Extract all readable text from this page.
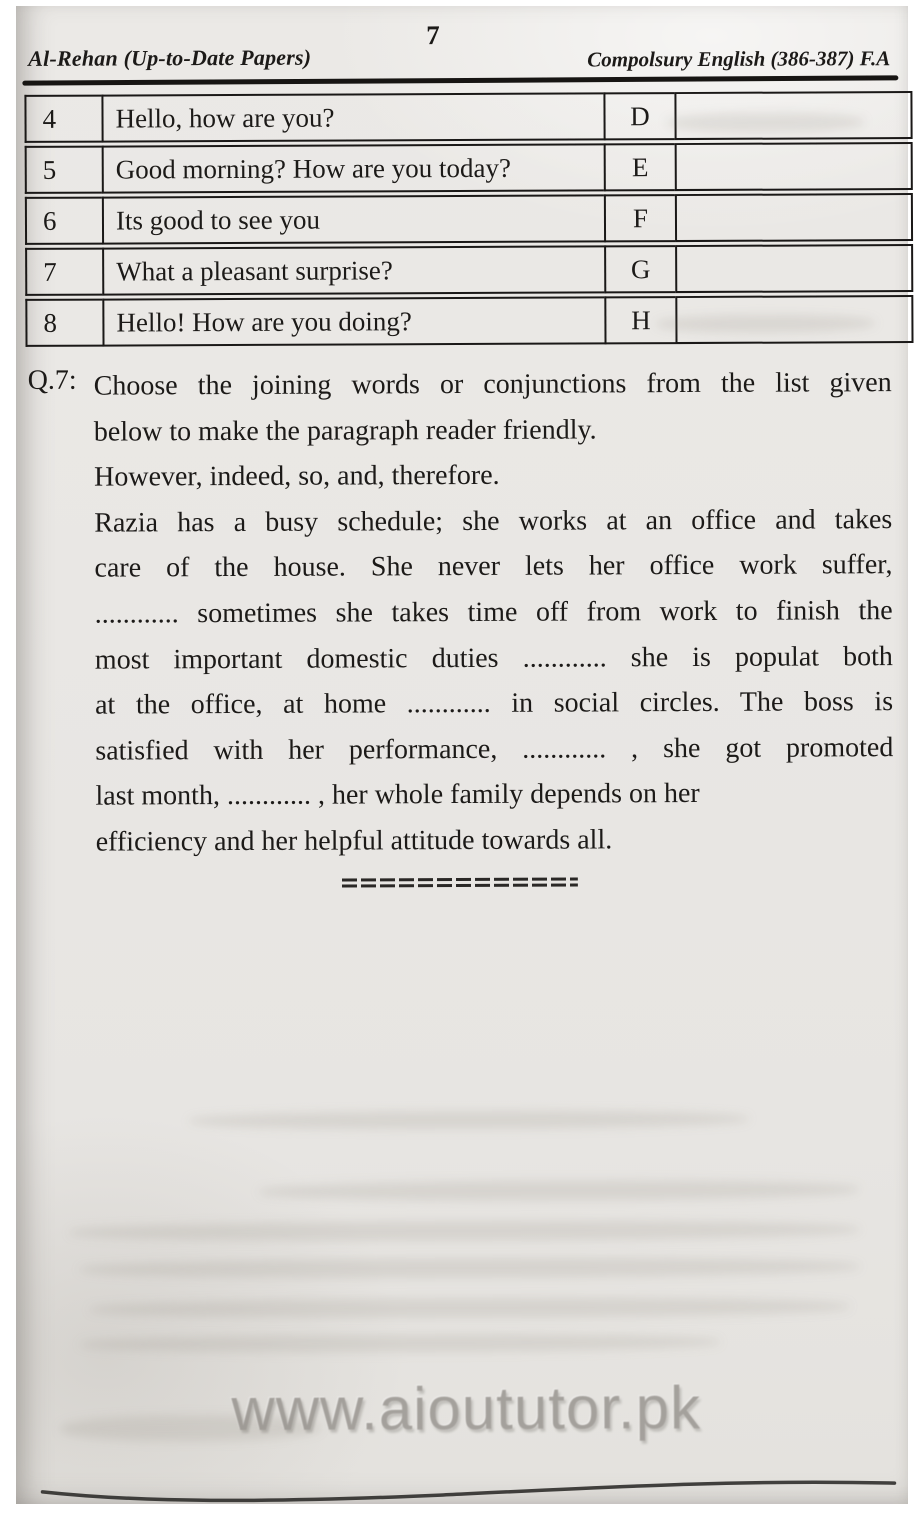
Al-Rehan (Up-to-Date Papers)
7
Compolsury English (386-387) F.A
4	Hello, how are you?	D	
5	Good morning? How are you today?	E	
6	Its good to see you	F	
7	What a pleasant surprise?	G	
8	Hello! How are you doing?	H	
Q.7: Choose the joining words or conjunctions from the list given
below to make the paragraph reader friendly.
However, indeed, so, and, therefore.
Razia has a busy schedule; she works at an office and takes
care of the house. She never lets her office work suffer,
............ sometimes she takes time off from work to finish the
most important domestic duties ............ she is populat both
at the office, at home ............ in social circles. The boss is
satisfied with her performance, ............ , she got promoted
last month, ............ , her whole family depends on her
efficiency and her helpful attitude towards all.
www.aioututor.pk
